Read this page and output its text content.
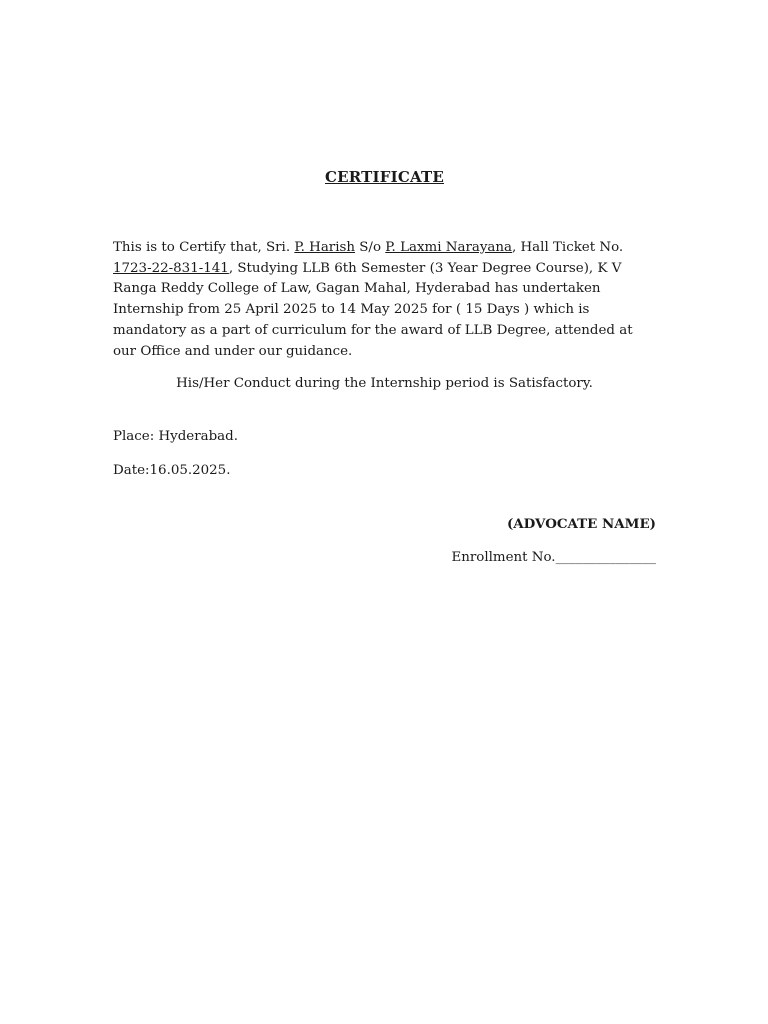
CERTIFICATE

This is to Certify that, Sri. P. Harish S/o P. Laxmi Narayana, Hall Ticket No. 1723-22-831-141, Studying LLB 6th Semester (3 Year Degree Course), K V Ranga Reddy College of Law, Gagan Mahal, Hyderabad has undertaken Internship from 25 April 2025 to 14 May 2025 for ( 15 Days ) which is mandatory as a part of curriculum for the award of LLB Degree, attended at our Office and under our guidance.

His/Her Conduct during the Internship period is Satisfactory.
Place: Hyderabad.
Date:16.05.2025.
(ADVOCATE NAME)
Enrollment No._______________
